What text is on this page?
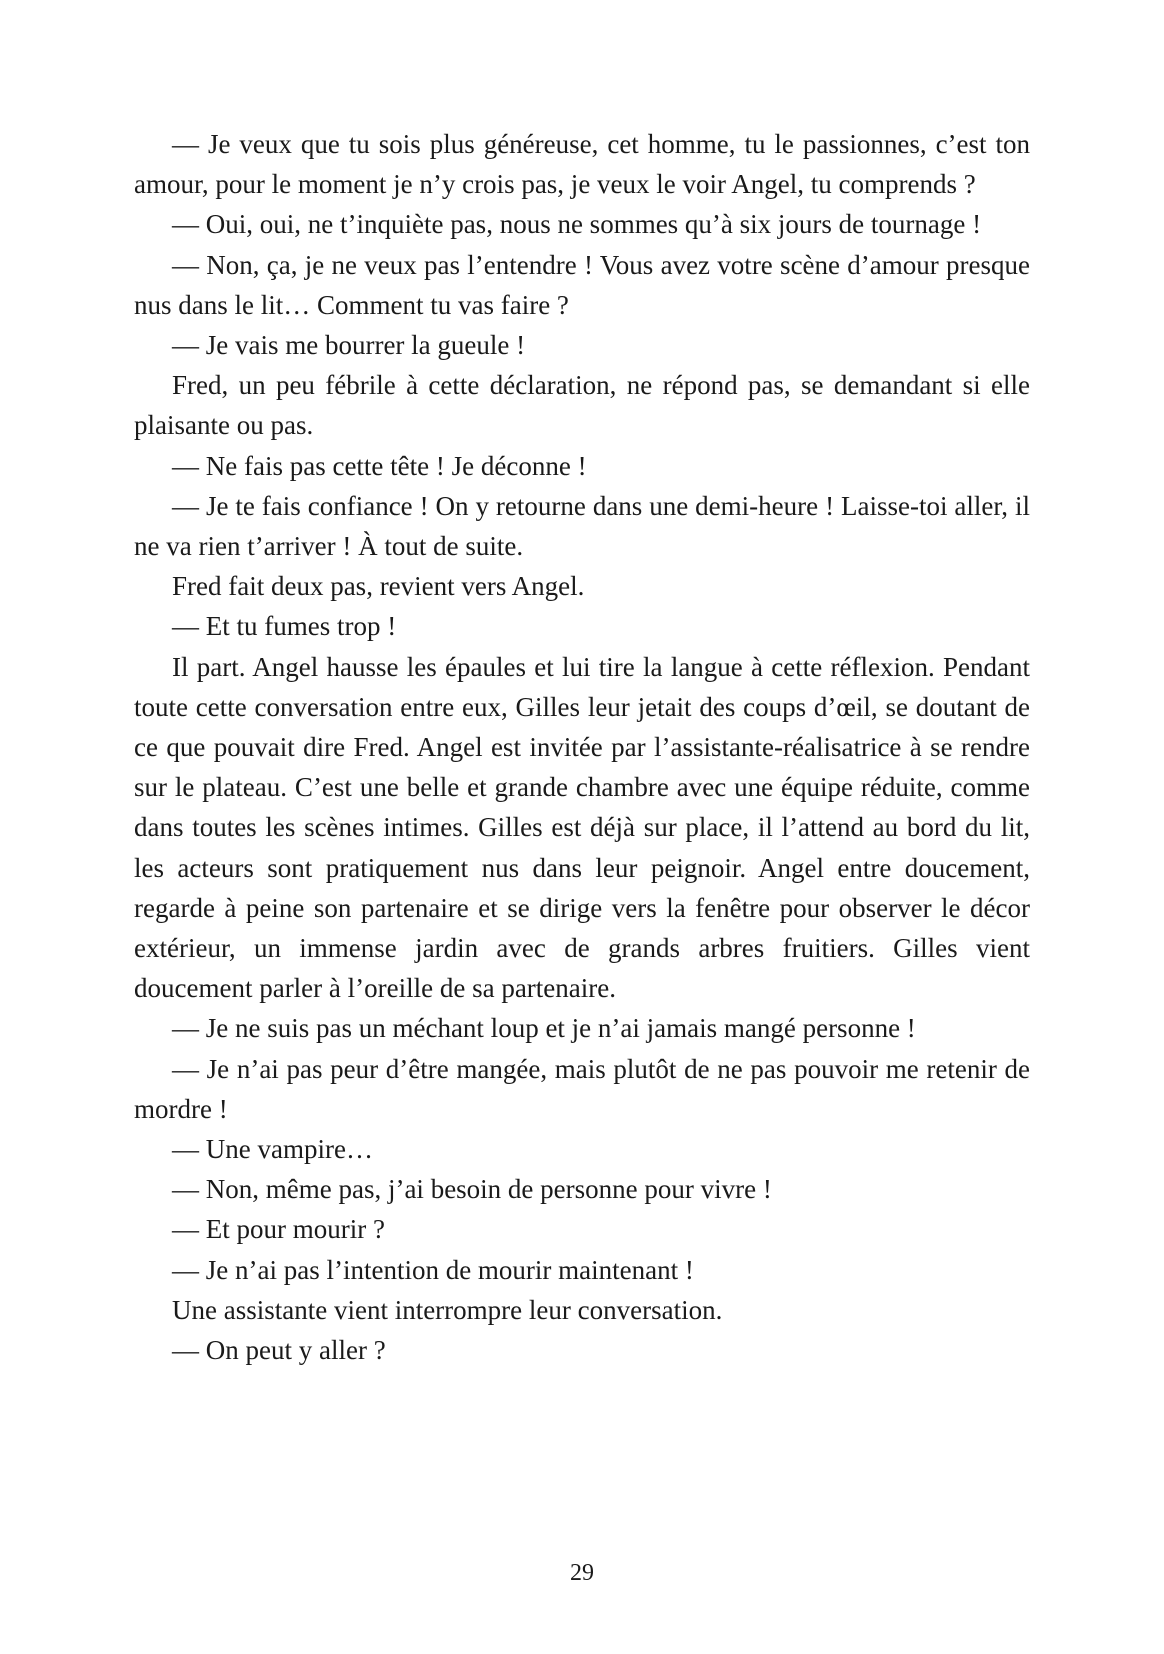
— Je veux que tu sois plus généreuse, cet homme, tu le passionnes, c’est ton amour, pour le moment je n’y crois pas, je veux le voir Angel, tu comprends ?

— Oui, oui, ne t’inquiète pas, nous ne sommes qu’à six jours de tournage !

— Non, ça, je ne veux pas l’entendre ! Vous avez votre scène d’amour presque nus dans le lit… Comment tu vas faire ?

— Je vais me bourrer la gueule !

Fred, un peu fébrile à cette déclaration, ne répond pas, se demandant si elle plaisante ou pas.

— Ne fais pas cette tête ! Je déconne !

— Je te fais confiance ! On y retourne dans une demi-heure ! Laisse-toi aller, il ne va rien t’arriver ! À tout de suite.

Fred fait deux pas, revient vers Angel.

— Et tu fumes trop !

Il part. Angel hausse les épaules et lui tire la langue à cette réflexion. Pendant toute cette conversation entre eux, Gilles leur jetait des coups d’œil, se doutant de ce que pouvait dire Fred. Angel est invitée par l’assistante-réalisatrice à se rendre sur le plateau. C’est une belle et grande chambre avec une équipe réduite, comme dans toutes les scènes intimes. Gilles est déjà sur place, il l’attend au bord du lit, les acteurs sont pratiquement nus dans leur peignoir. Angel entre doucement, regarde à peine son partenaire et se dirige vers la fenêtre pour observer le décor extérieur, un immense jardin avec de grands arbres fruitiers. Gilles vient doucement parler à l’oreille de sa partenaire.

— Je ne suis pas un méchant loup et je n’ai jamais mangé personne !

— Je n’ai pas peur d’être mangée, mais plutôt de ne pas pouvoir me retenir de mordre !

— Une vampire…

— Non, même pas, j’ai besoin de personne pour vivre !

— Et pour mourir ?

— Je n’ai pas l’intention de mourir maintenant !

Une assistante vient interrompre leur conversation.

— On peut y aller ?

29
